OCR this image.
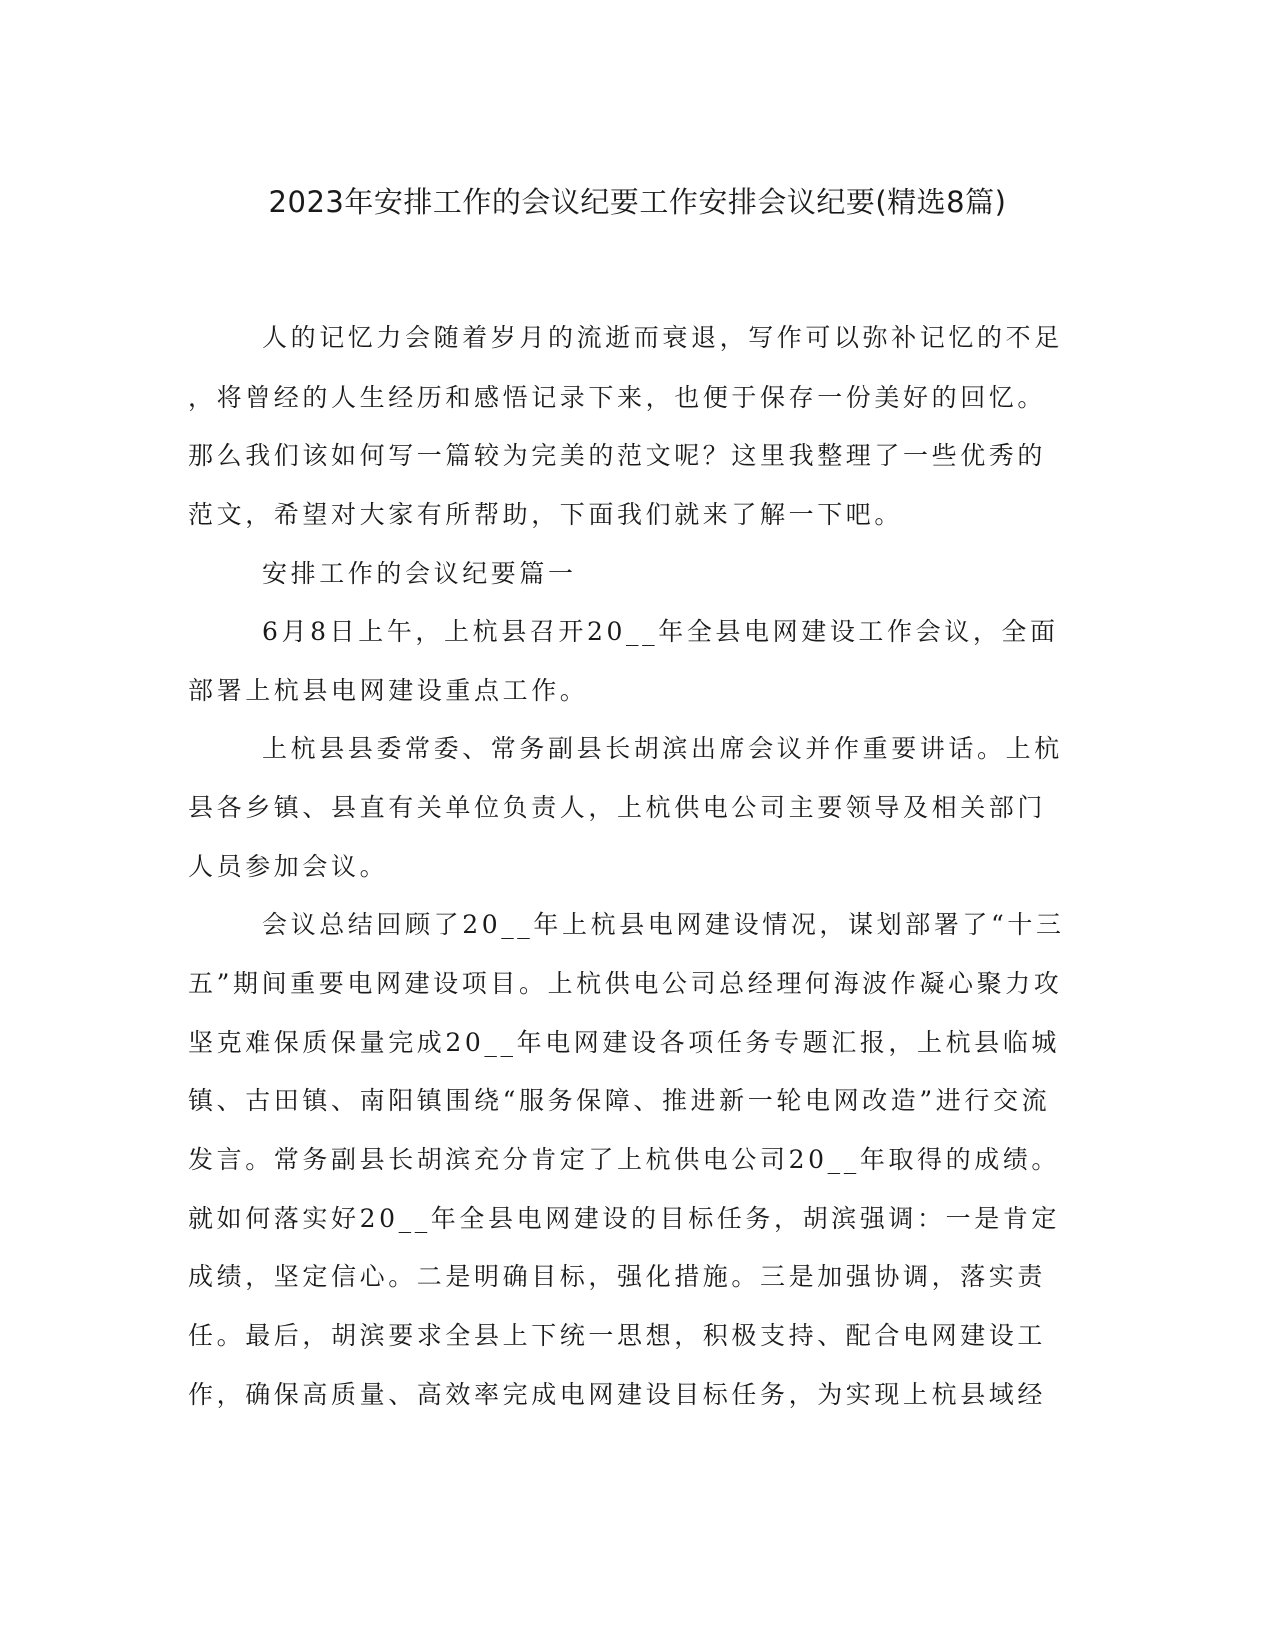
2023年安排工作的会议纪要工作安排会议纪要(精选8篇)
人的记忆力会随着岁月的流逝而衰退，写作可以弥补记忆的不足
，将曾经的人生经历和感悟记录下来，也便于保存一份美好的回忆。
那么我们该如何写一篇较为完美的范文呢？这里我整理了一些优秀的
范文，希望对大家有所帮助，下面我们就来了解一下吧。
安排工作的会议纪要篇一
6月8日上午，上杭县召开20__年全县电网建设工作会议，全面
部署上杭县电网建设重点工作。
上杭县县委常委、常务副县长胡滨出席会议并作重要讲话。上杭
县各乡镇、县直有关单位负责人，上杭供电公司主要领导及相关部门
人员参加会议。
会议总结回顾了20__年上杭县电网建设情况，谋划部署了“十三
五”期间重要电网建设项目。上杭供电公司总经理何海波作凝心聚力攻
坚克难保质保量完成20__年电网建设各项任务专题汇报，上杭县临城
镇、古田镇、南阳镇围绕“服务保障、推进新一轮电网改造”进行交流
发言。常务副县长胡滨充分肯定了上杭供电公司20__年取得的成绩。
就如何落实好20__年全县电网建设的目标任务，胡滨强调：一是肯定
成绩，坚定信心。二是明确目标，强化措施。三是加强协调，落实责
任。最后，胡滨要求全县上下统一思想，积极支持、配合电网建设工
作，确保高质量、高效率完成电网建设目标任务，为实现上杭县域经
